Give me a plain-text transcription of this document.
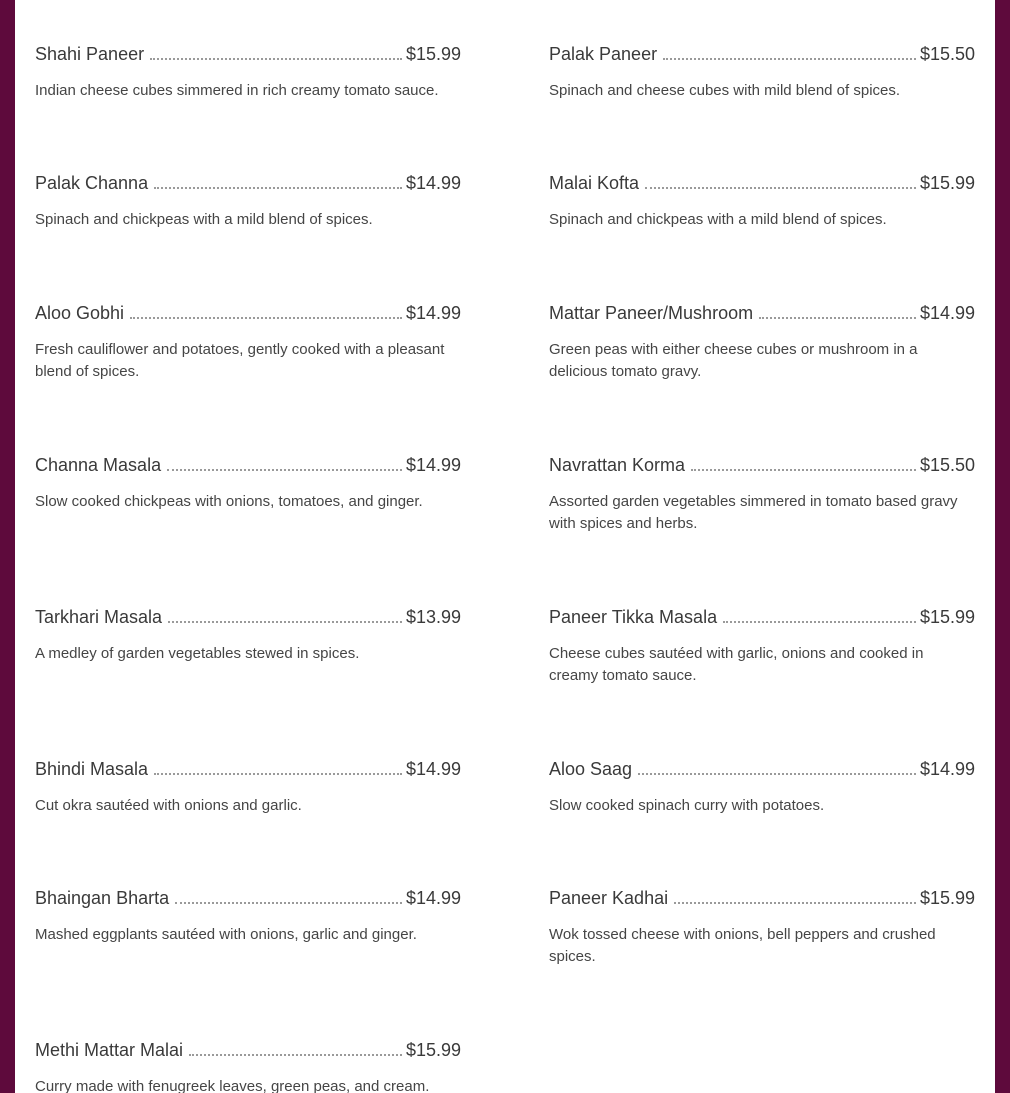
Shahi Paneer	$15.99
Indian cheese cubes simmered in rich creamy tomato sauce.
Palak Channa	$14.99
Spinach and chickpeas with a mild blend of spices.
Aloo Gobhi	$14.99
Fresh cauliflower and potatoes, gently cooked with a pleasant blend of spices.
Channa Masala	$14.99
Slow cooked chickpeas with onions, tomatoes, and ginger.
Tarkhari Masala	$13.99
A medley of garden vegetables stewed in spices.
Bhindi Masala	$14.99
Cut okra sautéed with onions and garlic.
Bhaingan Bharta	$14.99
Mashed eggplants sautéed with onions, garlic and ginger.
Methi Mattar Malai	$15.99
Curry made with fenugreek leaves, green peas, and cream.
Palak Paneer	$15.50
Spinach and cheese cubes with mild blend of spices.
Malai Kofta	$15.99
Spinach and chickpeas with a mild blend of spices.
Mattar Paneer/Mushroom	$14.99
Green peas with either cheese cubes or mushroom in a delicious tomato gravy.
Navrattan Korma	$15.50
Assorted garden vegetables simmered in tomato based gravy with spices and herbs.
Paneer Tikka Masala	$15.99
Cheese cubes sautéed with garlic, onions and cooked in creamy tomato sauce.
Aloo Saag	$14.99
Slow cooked spinach curry with potatoes.
Paneer Kadhai	$15.99
Wok tossed cheese with onions, bell peppers and crushed spices.
